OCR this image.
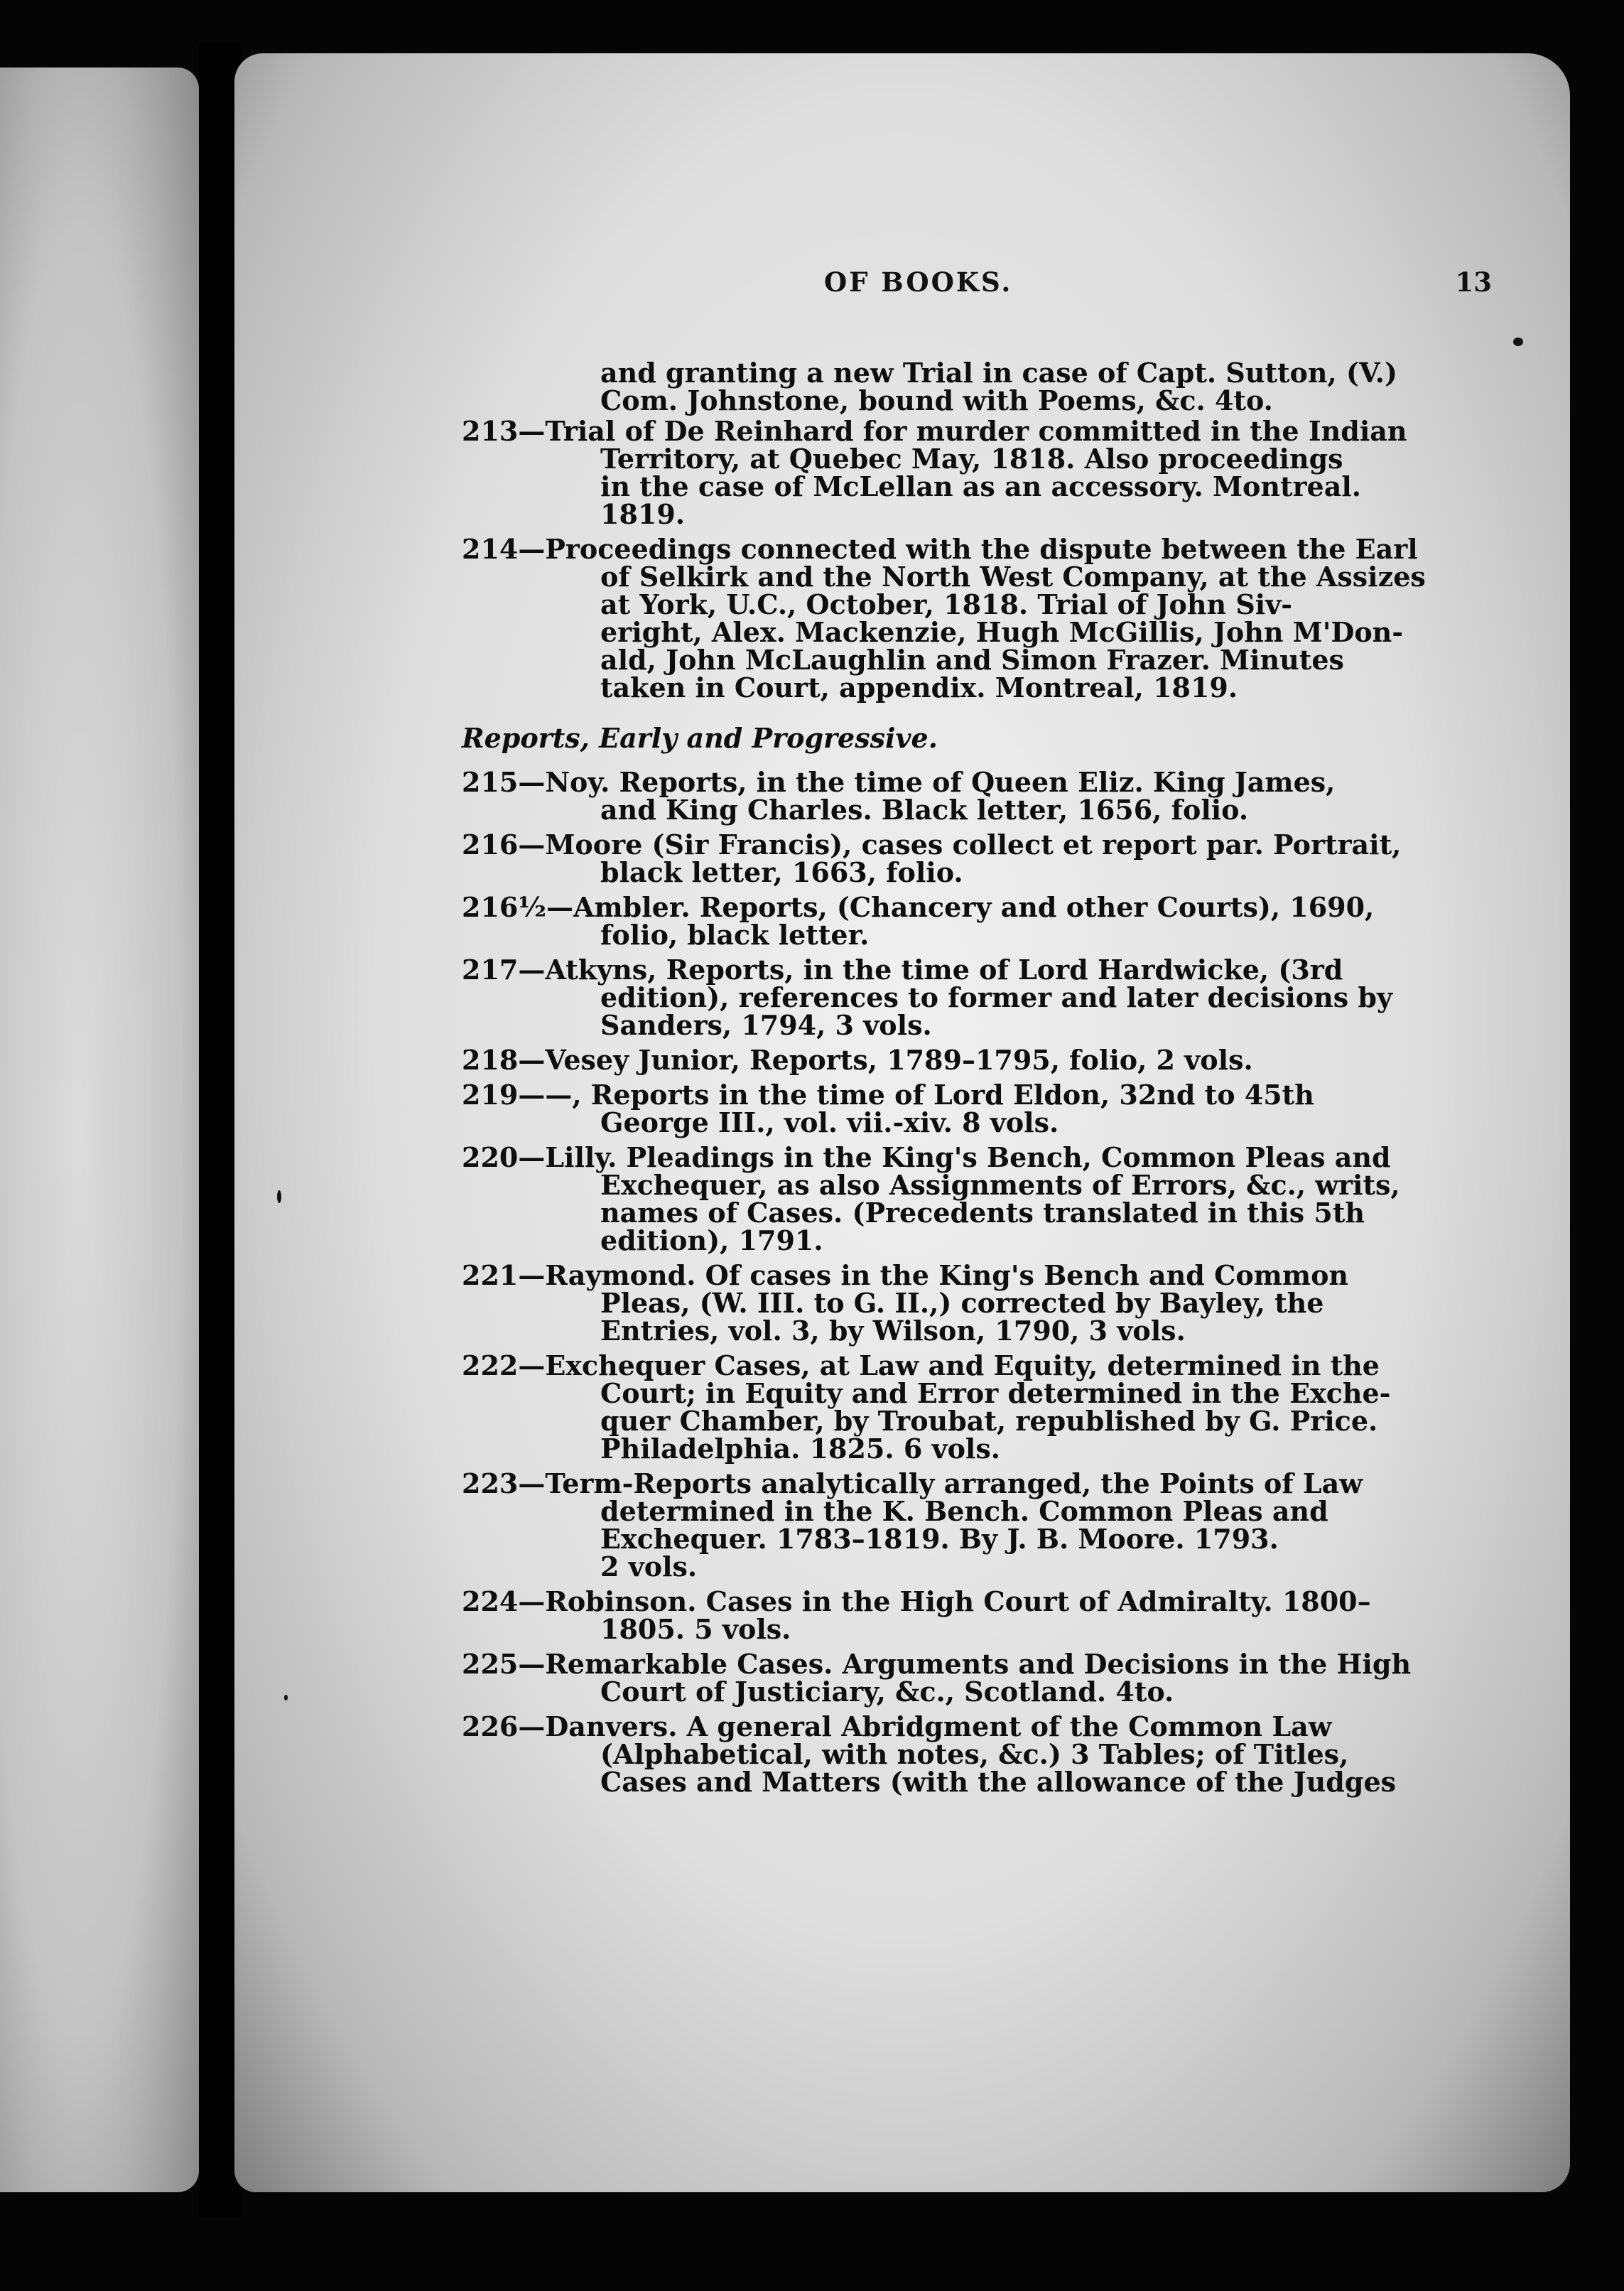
OF BOOKS.	13
and granting a new Trial in case of Capt. Sutton, (V.)
Com. Johnstone, bound with Poems, &c. 4to.
213—Trial of De Reinhard for murder committed in the Indian
Territory, at Quebec May, 1818. Also proceedings
in the case of McLellan as an accessory. Montreal.
1819.
214—Proceedings connected with the dispute between the Earl
of Selkirk and the North West Company, at the Assizes
at York, U.C., October, 1818. Trial of John Siv-
eright, Alex. Mackenzie, Hugh McGillis, John M'Don-
ald, John McLaughlin and Simon Frazer. Minutes
taken in Court, appendix. Montreal, 1819.
Reports, Early and Progressive.
215—Noy. Reports, in the time of Queen Eliz. King James,
and King Charles. Black letter, 1656, folio.
216—Moore (Sir Francis), cases collect et report par. Portrait,
black letter, 1663, folio.
216½—Ambler. Reports, (Chancery and other Courts), 1690,
folio, black letter.
217—Atkyns, Reports, in the time of Lord Hardwicke, (3rd
edition), references to former and later decisions by
Sanders, 1794, 3 vols.
218—Vesey Junior, Reports, 1789–1795, folio, 2 vols.
219——, Reports in the time of Lord Eldon, 32nd to 45th
George III., vol. vii.-xiv. 8 vols.
220—Lilly. Pleadings in the King's Bench, Common Pleas and
Exchequer, as also Assignments of Errors, &c., writs,
names of Cases. (Precedents translated in this 5th
edition), 1791.
221—Raymond. Of cases in the King's Bench and Common
Pleas, (W. III. to G. II.,) corrected by Bayley, the
Entries, vol. 3, by Wilson, 1790, 3 vols.
222—Exchequer Cases, at Law and Equity, determined in the
Court; in Equity and Error determined in the Exche-
quer Chamber, by Troubat, republished by G. Price.
Philadelphia. 1825. 6 vols.
223—Term-Reports analytically arranged, the Points of Law
determined in the K. Bench. Common Pleas and
Exchequer. 1783–1819. By J. B. Moore. 1793.
2 vols.
224—Robinson. Cases in the High Court of Admiralty. 1800–
1805. 5 vols.
225—Remarkable Cases. Arguments and Decisions in the High
Court of Justiciary, &c., Scotland. 4to.
226—Danvers. A general Abridgment of the Common Law
(Alphabetical, with notes, &c.) 3 Tables; of Titles,
Cases and Matters (with the allowance of the Judges
